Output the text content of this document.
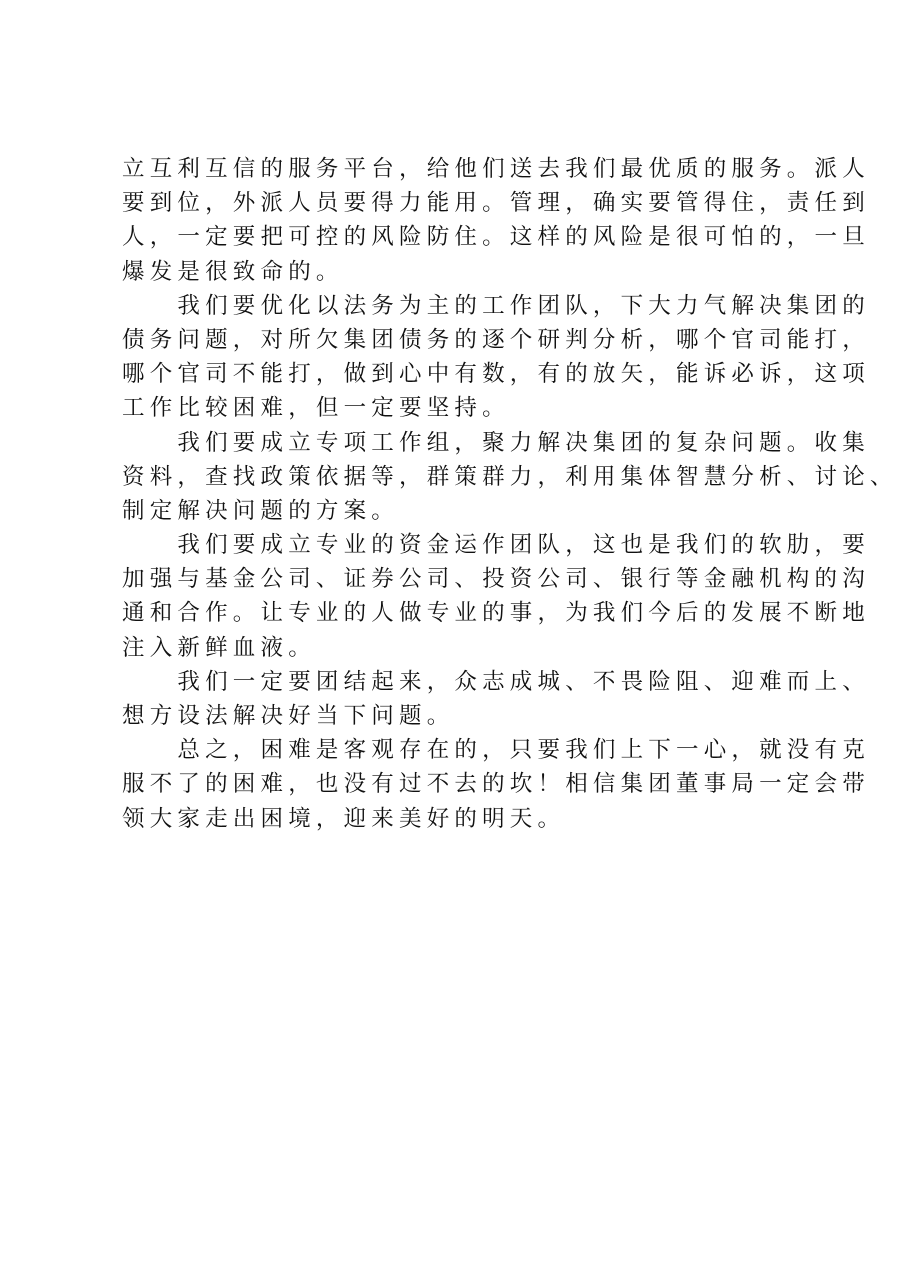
立互利互信的服务平台，给他们送去我们最优质的服务。派人
要到位，外派人员要得力能用。管理，确实要管得住，责任到
人，一定要把可控的风险防住。这样的风险是很可怕的，一旦
爆发是很致命的。
　　我们要优化以法务为主的工作团队，下大力气解决集团的
债务问题，对所欠集团债务的逐个研判分析，哪个官司能打，
哪个官司不能打，做到心中有数，有的放矢，能诉必诉，这项
工作比较困难，但一定要坚持。
　　我们要成立专项工作组，聚力解决集团的复杂问题。收集
资料，查找政策依据等，群策群力，利用集体智慧分析、讨论、
制定解决问题的方案。
　　我们要成立专业的资金运作团队，这也是我们的软肋，要
加强与基金公司、证券公司、投资公司、银行等金融机构的沟
通和合作。让专业的人做专业的事，为我们今后的发展不断地
注入新鲜血液。
　　我们一定要团结起来，众志成城、不畏险阻、迎难而上、
想方设法解决好当下问题。
　　总之，困难是客观存在的，只要我们上下一心，就没有克
服不了的困难，也没有过不去的坎！相信集团董事局一定会带
领大家走出困境，迎来美好的明天。
